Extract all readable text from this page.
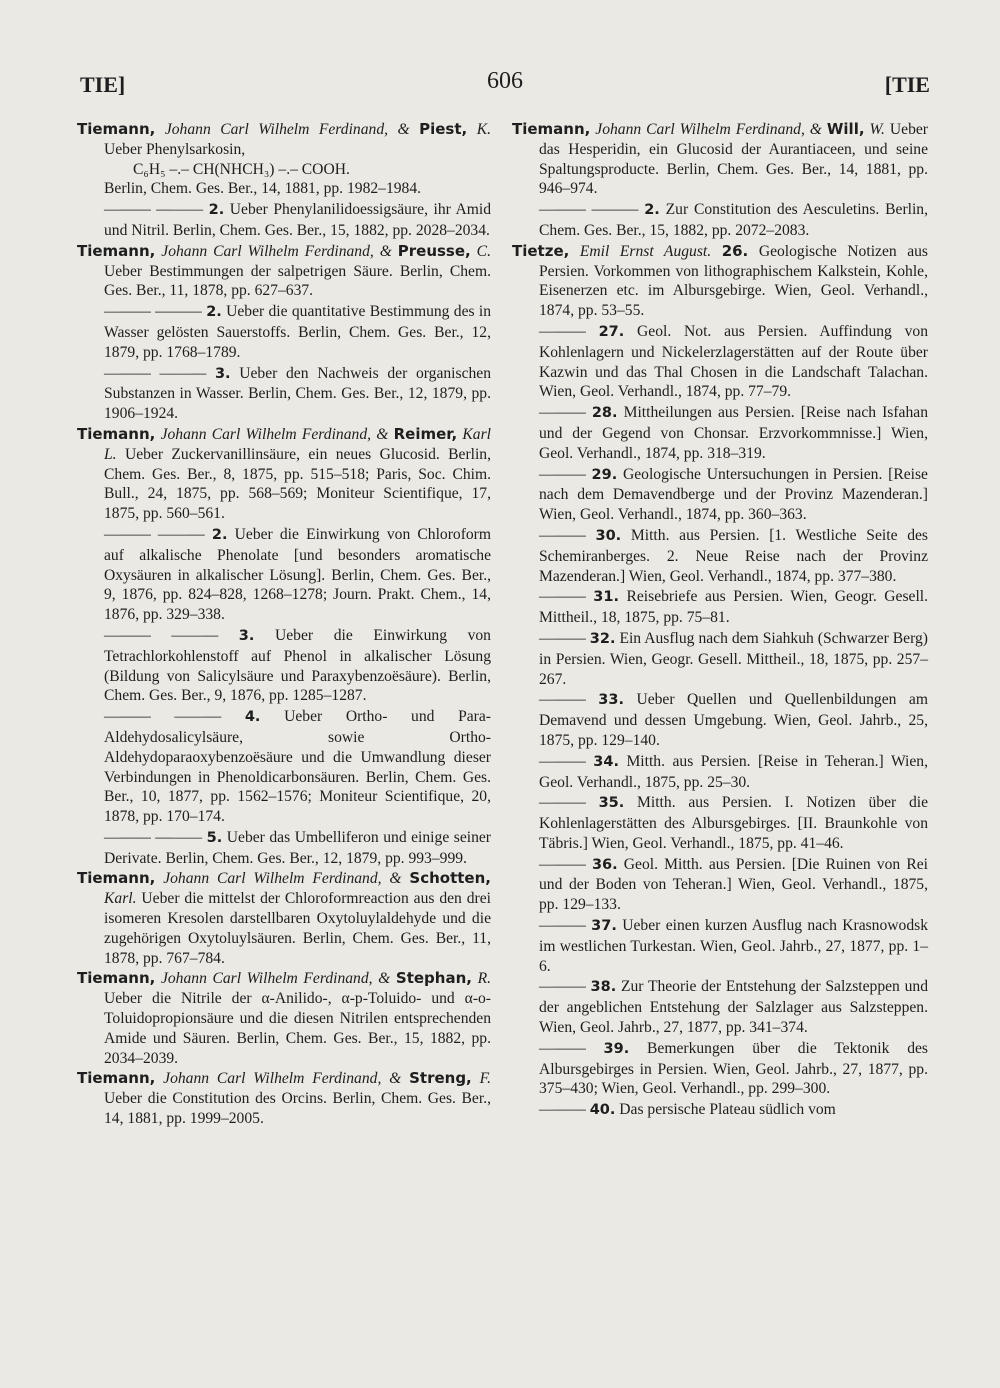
TIE]	606	[TIE

Tiemann, Johann Carl Wilhelm Ferdinand, & Piest, K. Ueber Phenylsarkosin,
C₆H₅ –.– CH(NHCH₃) –.– COOH.
Berlin, Chem. Ges. Ber., 14, 1881, pp. 1982–1984.

——— ——— 2. Ueber Phenylanilidoessigsäure, ihr Amid und Nitril. Berlin, Chem. Ges. Ber., 15, 1882, pp. 2028–2034.

Tiemann, Johann Carl Wilhelm Ferdinand, & Preusse, C. Ueber Bestimmungen der salpetrigen Säure. Berlin, Chem. Ges. Ber., 11, 1878, pp. 627–637.

——— ——— 2. Ueber die quantitative Bestimmung des in Wasser gelösten Sauerstoffs. Berlin, Chem. Ges. Ber., 12, 1879, pp. 1768–1789.

——— ——— 3. Ueber den Nachweis der organischen Substanzen in Wasser. Berlin, Chem. Ges. Ber., 12, 1879, pp. 1906–1924.

Tiemann, Johann Carl Wilhelm Ferdinand, & Reimer, Karl L. Ueber Zuckervanillinsäure, ein neues Glucosid. Berlin, Chem. Ges. Ber., 8, 1875, pp. 515–518; Paris, Soc. Chim. Bull., 24, 1875, pp. 568–569; Moniteur Scientifique, 17, 1875, pp. 560–561.

——— ——— 2. Ueber die Einwirkung von Chloroform auf alkalische Phenolate [und besonders aromatische Oxysäuren in alkalischer Lösung]. Berlin, Chem. Ges. Ber., 9, 1876, pp. 824–828, 1268–1278; Journ. Prakt. Chem., 14, 1876, pp. 329–338.

——— ——— 3. Ueber die Einwirkung von Tetrachlorkohlenstoff auf Phenol in alkalischer Lösung (Bildung von Salicylsäure und Paraxybenzoësäure). Berlin, Chem. Ges. Ber., 9, 1876, pp. 1285–1287.

——— ——— 4. Ueber Ortho- und Para-Aldehydosalicylsäure, sowie Ortho-Aldehydoparaoxybenzoësäure und die Umwandlung dieser Verbindungen in Phenoldicarbonsäuren. Berlin, Chem. Ges. Ber., 10, 1877, pp. 1562–1576; Moniteur Scientifique, 20, 1878, pp. 170–174.

——— ——— 5. Ueber das Umbelliferon und einige seiner Derivate. Berlin, Chem. Ges. Ber., 12, 1879, pp. 993–999.

Tiemann, Johann Carl Wilhelm Ferdinand, & Schotten, Karl. Ueber die mittelst der Chloroformreaction aus den drei isomeren Kresolen darstellbaren Oxytoluylaldehyde und die zugehörigen Oxytoluylsäuren. Berlin, Chem. Ges. Ber., 11, 1878, pp. 767–784.

Tiemann, Johann Carl Wilhelm Ferdinand, & Stephan, R. Ueber die Nitrile der α-Anilido-, α-p-Toluido- und α-o-Toluidopropionsäure und die diesen Nitrilen entsprechenden Amide und Säuren. Berlin, Chem. Ges. Ber., 15, 1882, pp. 2034–2039.

Tiemann, Johann Carl Wilhelm Ferdinand, & Streng, F. Ueber die Constitution des Orcins. Berlin, Chem. Ges. Ber., 14, 1881, pp. 1999–2005.

Tiemann, Johann Carl Wilhelm Ferdinand, & Will, W. Ueber das Hesperidin, ein Glucosid der Aurantiaceen, und seine Spaltungsproducte. Berlin, Chem. Ges. Ber., 14, 1881, pp. 946–974.

——— ——— 2. Zur Constitution des Aesculetins. Berlin, Chem. Ges. Ber., 15, 1882, pp. 2072–2083.

Tietze, Emil Ernst August. 26. Geologische Notizen aus Persien. Vorkommen von lithographischem Kalkstein, Kohle, Eisenerzen etc. im Albursgebirge. Wien, Geol. Verhandl., 1874, pp. 53–55.

——— 27. Geol. Not. aus Persien. Auffindung von Kohlenlagern und Nickelerzlagerstätten auf der Route über Kazwin und das Thal Chosen in die Landschaft Talachan. Wien, Geol. Verhandl., 1874, pp. 77–79.

——— 28. Mittheilungen aus Persien. [Reise nach Isfahan und der Gegend von Chonsar. Erzvorkommnisse.] Wien, Geol. Verhandl., 1874, pp. 318–319.

——— 29. Geologische Untersuchungen in Persien. [Reise nach dem Demavendberge und der Provinz Mazenderan.] Wien, Geol. Verhandl., 1874, pp. 360–363.

——— 30. Mitth. aus Persien. [1. Westliche Seite des Schemiranberges. 2. Neue Reise nach der Provinz Mazenderan.] Wien, Geol. Verhandl., 1874, pp. 377–380.

——— 31. Reisebriefe aus Persien. Wien, Geogr. Gesell. Mittheil., 18, 1875, pp. 75–81.

——— 32. Ein Ausflug nach dem Siahkuh (Schwarzer Berg) in Persien. Wien, Geogr. Gesell. Mittheil., 18, 1875, pp. 257–267.

——— 33. Ueber Quellen und Quellenbildungen am Demavend und dessen Umgebung. Wien, Geol. Jahrb., 25, 1875, pp. 129–140.

——— 34. Mitth. aus Persien. [Reise in Teheran.] Wien, Geol. Verhandl., 1875, pp. 25–30.

——— 35. Mitth. aus Persien. I. Notizen über die Kohlenlagerstätten des Albursgebirges. [II. Braunkohle von Täbris.] Wien, Geol. Verhandl., 1875, pp. 41–46.

——— 36. Geol. Mitth. aus Persien. [Die Ruinen von Rei und der Boden von Teheran.] Wien, Geol. Verhandl., 1875, pp. 129–133.

——— 37. Ueber einen kurzen Ausflug nach Krasnowodsk im westlichen Turkestan. Wien, Geol. Jahrb., 27, 1877, pp. 1–6.

——— 38. Zur Theorie der Entstehung der Salzsteppen und der angeblichen Entstehung der Salzlager aus Salzsteppen. Wien, Geol. Jahrb., 27, 1877, pp. 341–374.

——— 39. Bemerkungen über die Tektonik des Albursgebirges in Persien. Wien, Geol. Jahrb., 27, 1877, pp. 375–430; Wien, Geol. Verhandl., pp. 299–300.

——— 40. Das persische Plateau südlich vom
